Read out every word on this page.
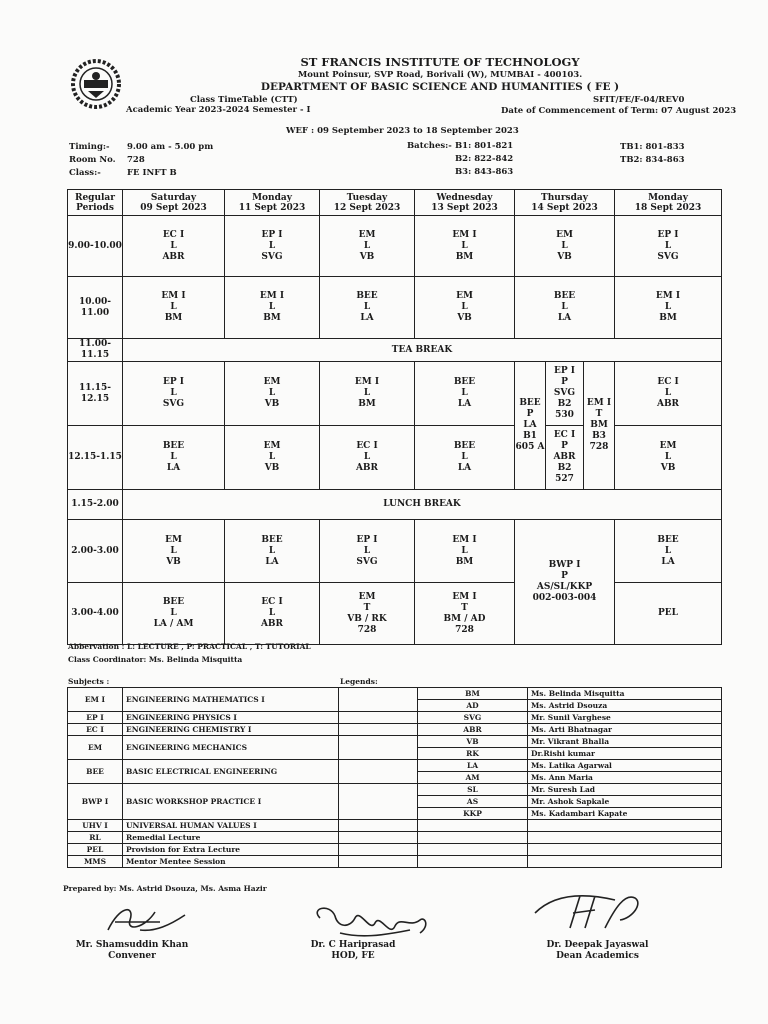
ST FRANCIS INSTITUTE OF TECHNOLOGY
Mount Poinsur, SVP Road, Borivali (W), MUMBAI - 400103.
DEPARTMENT OF BASIC SCIENCE AND HUMANITIES ( FE )
Class TimeTable (CTT)	SFIT/FE/F-04/REV0
Academic Year 2023-2024 Semester - I	Date of Commencement of Term: 07 August 2023
WEF : 09 September 2023 to 18 September 2023
Timing:- 9.00 am - 5.00 pm
Room No. 728
Class:-	FE INFT B
Batches:- B1: 801-821
B2: 822-842
B3: 843-863
TB1: 801-833
TB2: 834-863
Regular
Periods	Saturday
09 Sept 2023	Monday
11 Sept 2023	Tuesday
12 Sept 2023	Wednesday
13 Sept 2023	Thursday
14 Sept 2023			Monday
18 Sept 2023
9.00-10.00	EC I
L
ABR	EP I
L
SVG	EM
L
VB	EM I
L
BM	EM
L
VB			EP I
L
SVG
10.00-11.00	EM I
L
BM	EM I
L
BM	BEE
L
LA	EM
L
VB	BEE
L
LA			EM I
L
BM
11.00-11.15	TEA BREAK							
11.15-12.15	EP I
L
SVG	EM
L
VB	EM I
L
BM	BEE
L
LA	BEE
P
LA
B1
605 A	EP I
P
SVG
B2
530	EM I
T
BM
B3
728	EC I
L
ABR
12.15-1.15	BEE
L
LA	EM
L
VB	EC I
L
ABR	BEE
L
LA		EC I
P
ABR
B2
527		EM
L
VB
1.15-2.00	LUNCH BREAK							
2.00-3.00	EM
L
VB	BEE
L
LA	EP I
L
SVG	EM I
L
BM	BWP I
P
AS/SL/KKP
002-003-004			BEE
L
LA
3.00-4.00	BEE
L
LA / AM	EC I
L
ABR	EM
T
VB / RK
728	EM I
T
BM / AD
728				PEL
Abbervation : L: LECTURE , P: PRACTICAL , T: TUTORIAL
Class Coordinator: Ms. Belinda Misquitta
Subjects :	Legends:
EM I	ENGINEERING MATHEMATICS I		BM	Ms. Belinda Misquitta
			AD	Ms. Astrid Dsouza
EP I	ENGINEERING PHYSICS I		SVG	Mr. Sunil Varghese
EC I	ENGINEERING CHEMISTRY I		ABR	Ms. Arti Bhatnagar
EM	ENGINEERING MECHANICS		VB	Mr. Vikrant Bhalla
			RK	Dr.Rishi kumar
BEE	BASIC ELECTRICAL ENGINEERING		LA	Ms. Latika Agarwal
			AM	Ms. Ann Maria
BWP I	BASIC WORKSHOP PRACTICE I		SL	Mr. Suresh Lad
			AS	Mr. Ashok Sapkale
			KKP	Ms. Kadambari Kapate
UHV I	UNIVERSAL HUMAN VALUES I			
RL	Remedial Lecture			
PEL	Provision for Extra Lecture			
MMS	Mentor Mentee Session			
Prepared by: Ms. Astrid Dsouza, Ms. Asma Hazir
Mr. Shamsuddin Khan
Convener
Dr. C Hariprasad
HOD, FE
Dr. Deepak Jayaswal
Dean Academics
